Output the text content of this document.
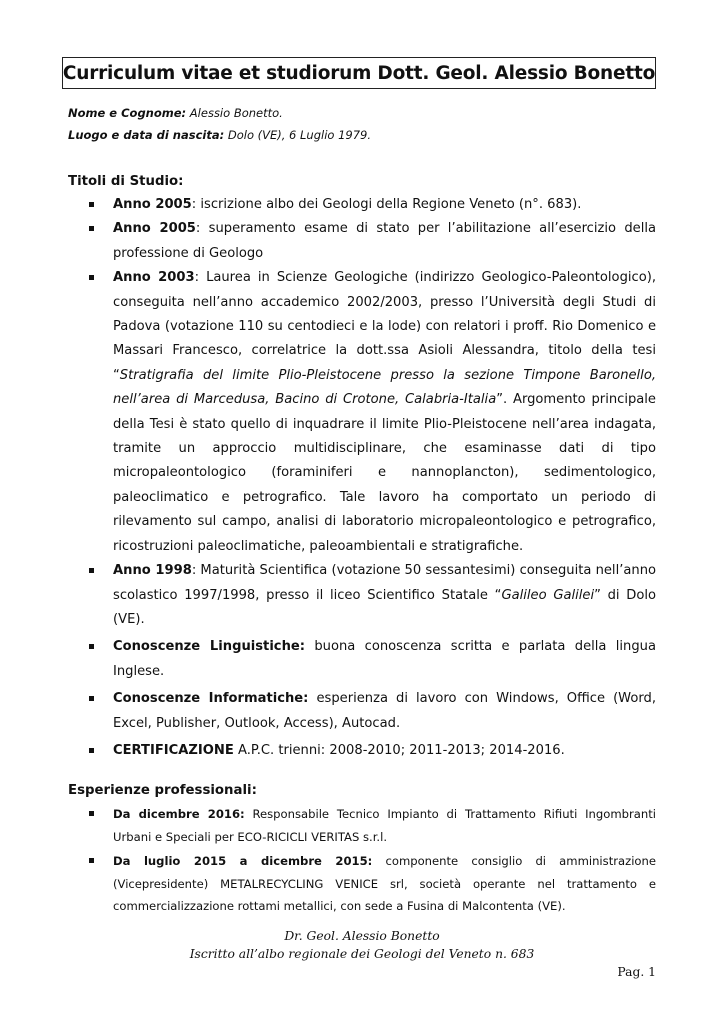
Curriculum vitae et studiorum Dott. Geol. Alessio Bonetto
Nome e Cognome: Alessio Bonetto.
Luogo e data di nascita: Dolo (VE), 6 Luglio 1979.
Titoli di Studio:
Anno 2005: iscrizione albo dei Geologi della Regione Veneto (n°. 683).
Anno 2005: superamento esame di stato per l’abilitazione all’esercizio della professione di Geologo
Anno 2003: Laurea in Scienze Geologiche (indirizzo Geologico-Paleontologico), conseguita nell’anno accademico 2002/2003, presso l’Università degli Studi di Padova (votazione 110 su centodieci e la lode) con relatori i proff. Rio Domenico e Massari Francesco, correlatrice la dott.ssa Asioli Alessandra, titolo della tesi “Stratigrafia del limite Plio-Pleistocene presso la sezione Timpone Baronello, nell’area di Marcedusa, Bacino di Crotone, Calabria-Italia”. Argomento principale della Tesi è stato quello di inquadrare il limite Plio-Pleistocene nell’area indagata, tramite un approccio multidisciplinare, che esaminasse dati di tipo micropaleontologico (foraminiferi e nannoplancton), sedimentologico, paleoclimatico e petrografico. Tale lavoro ha comportato un periodo di rilevamento sul campo, analisi di laboratorio micropaleontologico e petrografico, ricostruzioni paleoclimatiche, paleoambientali e stratigrafiche.
Anno 1998: Maturità Scientifica (votazione 50 sessantesimi) conseguita nell’anno scolastico 1997/1998, presso il liceo Scientifico Statale “Galileo Galilei” di Dolo (VE).
Conoscenze Linguistiche: buona conoscenza scritta e parlata della lingua Inglese.
Conoscenze Informatiche: esperienza di lavoro con Windows, Office (Word, Excel, Publisher, Outlook, Access), Autocad.
CERTIFICAZIONE A.P.C. trienni: 2008-2010; 2011-2013; 2014-2016.
Esperienze professionali:
Da dicembre 2016: Responsabile Tecnico Impianto di Trattamento Rifiuti Ingombranti Urbani e Speciali per ECO-RICICLI VERITAS s.r.l.
Da luglio 2015 a dicembre 2015: componente consiglio di amministrazione (Vicepresidente) METALRECYCLING VENICE srl, società operante nel trattamento e commercializzazione rottami metallici, con sede a Fusina di Malcontenta (VE).
Dr. Geol. Alessio Bonetto
Iscritto all’albo regionale dei Geologi del Veneto n. 683
Pag. 1
